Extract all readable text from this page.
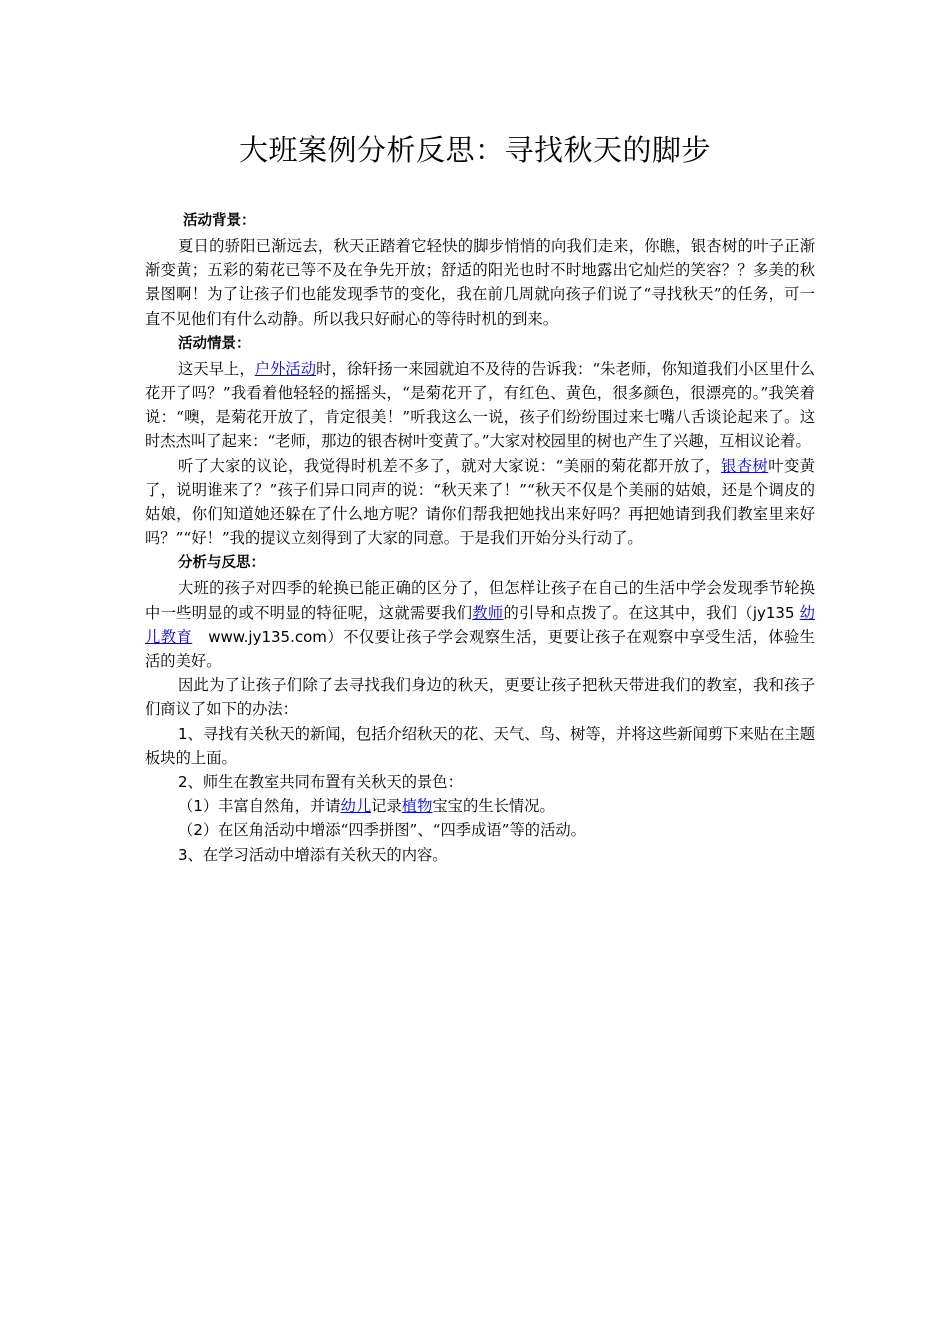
大班案例分析反思：寻找秋天的脚步
活动背景：

夏日的骄阳已渐远去，秋天正踏着它轻快的脚步悄悄的向我们走来，你瞧，银杏树的叶子正渐渐变黄；五彩的菊花已等不及在争先开放；舒适的阳光也时不时地露出它灿烂的笑容？？多美的秋景图啊！为了让孩子们也能发现季节的变化，我在前几周就向孩子们说了“寻找秋天”的任务，可一直不见他们有什么动静。所以我只好耐心的等待时机的到来。

活动情景：

这天早上，户外活动时，徐轩扬一来园就迫不及待的告诉我：“朱老师，你知道我们小区里什么花开了吗？”我看着他轻轻的摇摇头，“是菊花开了，有红色、黄色，很多颜色，很漂亮的。”我笑着说：“噢，是菊花开放了，肯定很美！”听我这么一说，孩子们纷纷围过来七嘴八舌谈论起来了。这时杰杰叫了起来：“老师，那边的银杏树叶变黄了。”大家对校园里的树也产生了兴趣，互相议论着。

听了大家的议论，我觉得时机差不多了，就对大家说：“美丽的菊花都开放了，银杏树叶变黄了，说明谁来了？”孩子们异口同声的说：“秋天来了！”“秋天不仅是个美丽的姑娘，还是个调皮的姑娘，你们知道她还躲在了什么地方呢？请你们帮我把她找出来好吗？再把她请到我们教室里来好吗？”“好！”我的提议立刻得到了大家的同意。于是我们开始分头行动了。

分析与反思：

大班的孩子对四季的轮换已能正确的区分了，但怎样让孩子在自己的生活中学会发现季节轮换中一些明显的或不明显的特征呢，这就需要我们教师的引导和点拨了。在这其中，我们（jy135 幼儿教育 www.jy135.com）不仅要让孩子学会观察生活，更要让孩子在观察中享受生活，体验生活的美好。

因此为了让孩子们除了去寻找我们身边的秋天，更要让孩子把秋天带进我们的教室，我和孩子们商议了如下的办法：

1、寻找有关秋天的新闻，包括介绍秋天的花、天气、鸟、树等，并将这些新闻剪下来贴在主题板块的上面。

2、师生在教室共同布置有关秋天的景色：

（1）丰富自然角，并请幼儿记录植物宝宝的生长情况。

（2）在区角活动中增添“四季拼图”、“四季成语”等的活动。

3、在学习活动中增添有关秋天的内容。
